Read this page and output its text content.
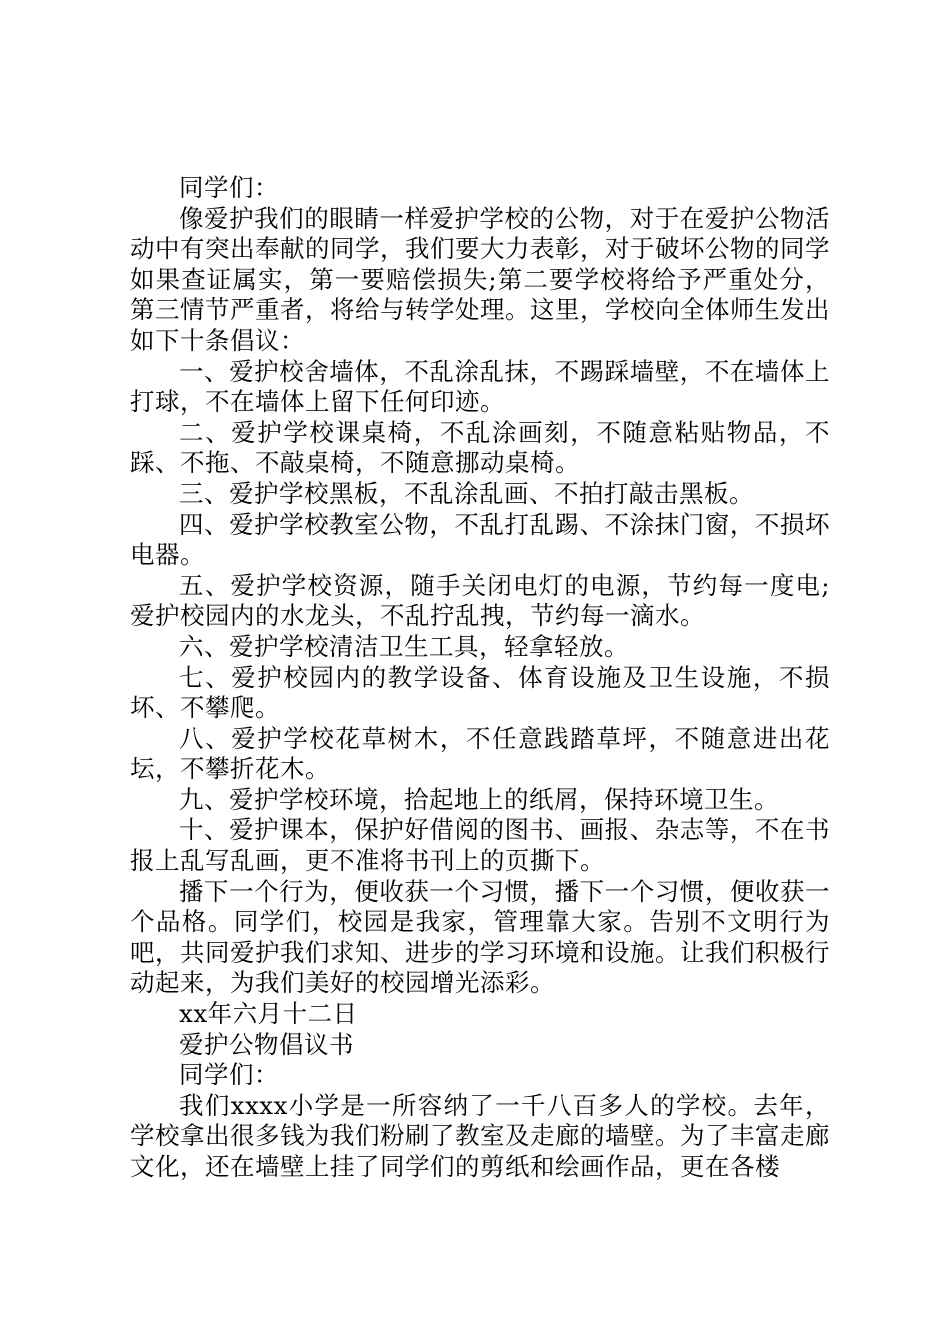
同学们：

像爱护我们的眼睛一样爱护学校的公物，对于在爱护公物活动中有突出奉献的同学，我们要大力表彰，对于破坏公物的同学如果查证属实，第一要赔偿损失;第二要学校将给予严重处分，第三情节严重者，将给与转学处理。这里，学校向全体师生发出如下十条倡议：

一、爱护校舍墙体，不乱涂乱抹，不踢踩墙壁，不在墙体上打球，不在墙体上留下任何印迹。

二、爱护学校课桌椅，不乱涂画刻，不随意粘贴物品，不踩、不拖、不敲桌椅，不随意挪动桌椅。

三、爱护学校黑板，不乱涂乱画、不拍打敲击黑板。

四、爱护学校教室公物，不乱打乱踢、不涂抹门窗，不损坏电器。

五、爱护学校资源，随手关闭电灯的电源，节约每一度电;爱护校园内的水龙头，不乱拧乱拽，节约每一滴水。

六、爱护学校清洁卫生工具，轻拿轻放。

七、爱护校园内的教学设备、体育设施及卫生设施，不损坏、不攀爬。

八、爱护学校花草树木，不任意践踏草坪，不随意进出花坛，不攀折花木。

九、爱护学校环境，拾起地上的纸屑，保持环境卫生。

十、爱护课本，保护好借阅的图书、画报、杂志等，不在书报上乱写乱画，更不准将书刊上的页撕下。

播下一个行为，便收获一个习惯，播下一个习惯，便收获一个品格。同学们，校园是我家，管理靠大家。告别不文明行为吧，共同爱护我们求知、进步的学习环境和设施。让我们积极行动起来，为我们美好的校园增光添彩。

xx年六月十二日

爱护公物倡议书

同学们：

我们xxxx小学是一所容纳了一千八百多人的学校。去年，学校拿出很多钱为我们粉刷了教室及走廊的墙壁。为了丰富走廊文化，还在墙壁上挂了同学们的剪纸和绘画作品，更在各楼
